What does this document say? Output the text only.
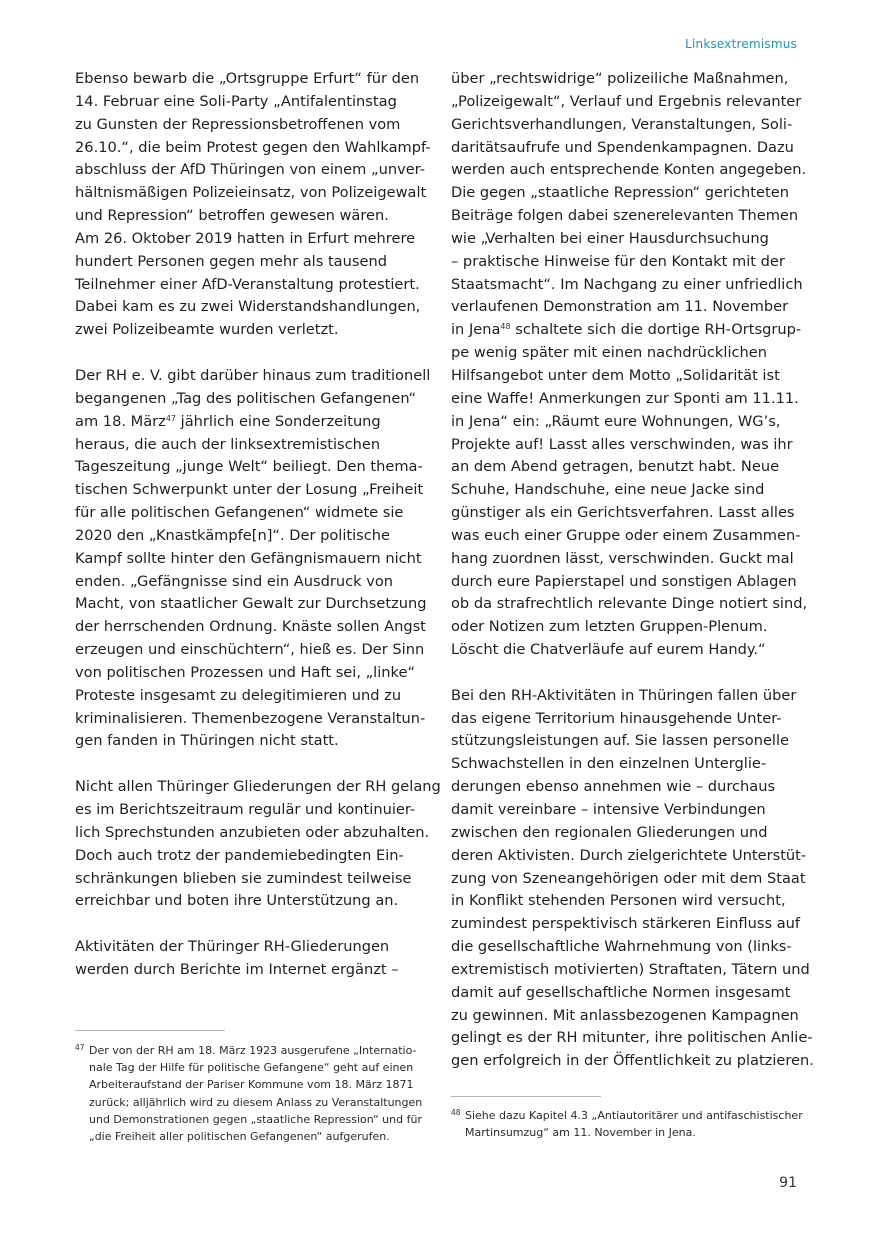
Linksextremismus

Ebenso bewarb die „Ortsgruppe Erfurt“ für den
14. Februar eine Soli-Party „Antifalentinstag
zu Gunsten der Repressionsbetroffenen vom
26.10.“, die beim Protest gegen den Wahlkampf-
abschluss der AfD Thüringen von einem „unver-
hältnismäßigen Polizeieinsatz, von Polizeigewalt
und Repression“ betroffen gewesen wären.
Am 26. Oktober 2019 hatten in Erfurt mehrere
hundert Personen gegen mehr als tausend
Teilnehmer einer AfD-Veranstaltung protestiert.
Dabei kam es zu zwei Widerstandshandlungen,
zwei Polizeibeamte wurden verletzt.

Der RH e. V. gibt darüber hinaus zum traditionell
begangenen „Tag des politischen Gefangenen“
am 18. März$^{47}$ jährlich eine Sonderzeitung
heraus, die auch der linksextremistischen
Tageszeitung „junge Welt“ beiliegt. Den thema-
tischen Schwerpunkt unter der Losung „Freiheit
für alle politischen Gefangenen“ widmete sie
2020 den „Knastkämpfe[n]“. Der politische
Kampf sollte hinter den Gefängnismauern nicht
enden. „Gefängnisse sind ein Ausdruck von
Macht, von staatlicher Gewalt zur Durchsetzung
der herrschenden Ordnung. Knäste sollen Angst
erzeugen und einschüchtern“, hieß es. Der Sinn
von politischen Prozessen und Haft sei, „linke“
Proteste insgesamt zu delegitimieren und zu
kriminalisieren. Themenbezogene Veranstaltun-
gen fanden in Thüringen nicht statt.

Nicht allen Thüringer Gliederungen der RH gelang
es im Berichtszeitraum regulär und kontinuier-
lich Sprechstunden anzubieten oder abzuhalten.
Doch auch trotz der pandemiebedingten Ein-
schränkungen blieben sie zumindest teilweise
erreichbar und boten ihre Unterstützung an.

Aktivitäten der Thüringer RH-Gliederungen
werden durch Berichte im Internet ergänzt –

über „rechtswidrige“ polizeiliche Maßnahmen,
„Polizeigewalt“, Verlauf und Ergebnis relevanter
Gerichtsverhandlungen, Veranstaltungen, Soli-
daritätsaufrufe und Spendenkampagnen. Dazu
werden auch entsprechende Konten angegeben.
Die gegen „staatliche Repression“ gerichteten
Beiträge folgen dabei szenerelevanten Themen
wie „Verhalten bei einer Hausdurchsuchung
– praktische Hinweise für den Kontakt mit der
Staatsmacht“. Im Nachgang zu einer unfriedlich
verlaufenen Demonstration am 11. November
in Jena$^{48}$ schaltete sich die dortige RH-Ortsgrup-
pe wenig später mit einen nachdrücklichen
Hilfsangebot unter dem Motto „Solidarität ist
eine Waffe! Anmerkungen zur Sponti am 11.11.
in Jena“ ein: „Räumt eure Wohnungen, WG’s,
Projekte auf! Lasst alles verschwinden, was ihr
an dem Abend getragen, benutzt habt. Neue
Schuhe, Handschuhe, eine neue Jacke sind
günstiger als ein Gerichtsverfahren. Lasst alles
was euch einer Gruppe oder einem Zusammen-
hang zuordnen lässt, verschwinden. Guckt mal
durch eure Papierstapel und sonstigen Ablagen
ob da strafrechtlich relevante Dinge notiert sind,
oder Notizen zum letzten Gruppen-Plenum.
Löscht die Chatverläufe auf eurem Handy.“

Bei den RH-Aktivitäten in Thüringen fallen über
das eigene Territorium hinausgehende Unter-
stützungsleistungen auf. Sie lassen personelle
Schwachstellen in den einzelnen Unterglie-
derungen ebenso annehmen wie – durchaus
damit vereinbare – intensive Verbindungen
zwischen den regionalen Gliederungen und
deren Aktivisten. Durch zielgerichtete Unterstüt-
zung von Szeneangehörigen oder mit dem Staat
in Konflikt stehenden Personen wird versucht,
zumindest perspektivisch stärkeren Einfluss auf
die gesellschaftliche Wahrnehmung von (links-
extremistisch motivierten) Straftaten, Tätern und
damit auf gesellschaftliche Normen insgesamt
zu gewinnen. Mit anlassbezogenen Kampagnen
gelingt es der RH mitunter, ihre politischen Anlie-
gen erfolgreich in der Öffentlichkeit zu platzieren.

47 Der von der RH am 18. März 1923 ausgerufene „Internatio-
nale Tag der Hilfe für politische Gefangene“ geht auf einen
Arbeiteraufstand der Pariser Kommune vom 18. März 1871
zurück; alljährlich wird zu diesem Anlass zu Veranstaltungen
und Demonstrationen gegen „staatliche Repression“ und für
„die Freiheit aller politischen Gefangenen“ aufgerufen.
48 Siehe dazu Kapitel 4.3 „Antiautoritärer und antifaschistischer
Martinsumzug“ am 11. November in Jena.
91
